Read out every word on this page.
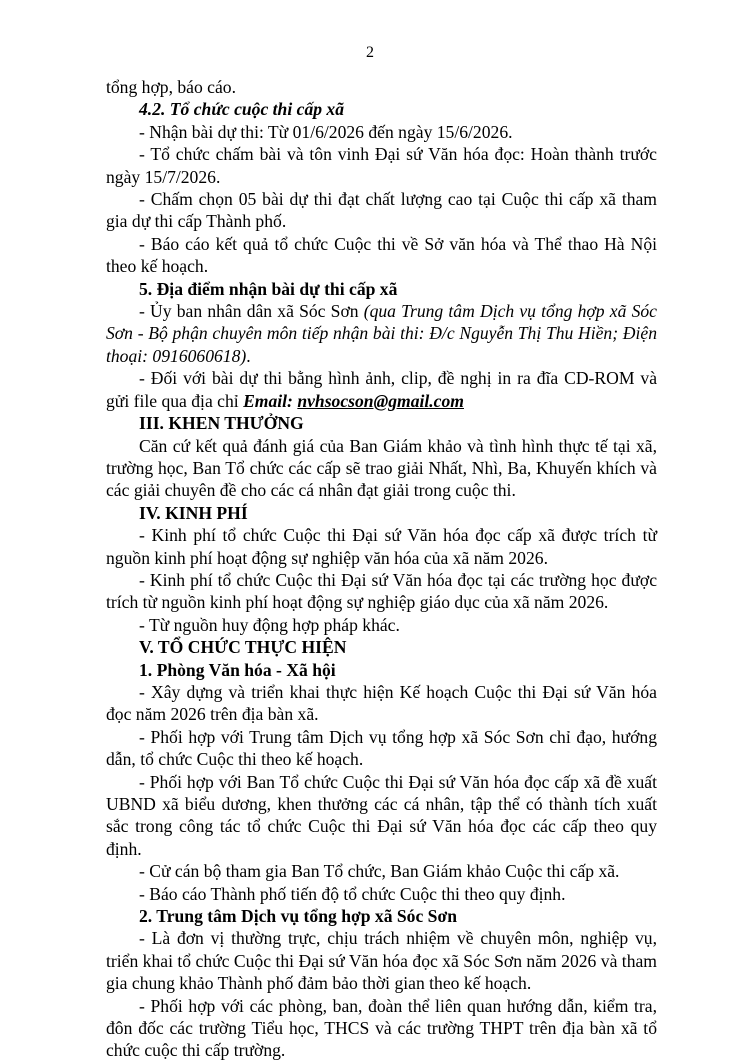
2

tổng hợp, báo cáo.

4.2. Tổ chức cuộc thi cấp xã

- Nhận bài dự thi: Từ 01/6/2026 đến ngày 15/6/2026.

- Tổ chức chấm bài và tôn vinh Đại sứ Văn hóa đọc: Hoàn thành trước ngày 15/7/2026.

- Chấm chọn 05 bài dự thi đạt chất lượng cao tại Cuộc thi cấp xã tham gia dự thi cấp Thành phố.

- Báo cáo kết quả tổ chức Cuộc thi về Sở văn hóa và Thể thao Hà Nội theo kế hoạch.

5. Địa điểm nhận bài dự thi cấp xã

- Ủy ban nhân dân xã Sóc Sơn (qua Trung tâm Dịch vụ tổng hợp xã Sóc Sơn - Bộ phận chuyên môn tiếp nhận bài thi: Đ/c Nguyễn Thị Thu Hiền; Điện thoại: 0916060618).

- Đối với bài dự thi bằng hình ảnh, clip, đề nghị in ra đĩa CD-ROM và gửi file qua địa chỉ Email: nvhsocson@gmail.com

III. KHEN THƯỞNG

Căn cứ kết quả đánh giá của Ban Giám khảo và tình hình thực tế tại xã, trường học, Ban Tổ chức các cấp sẽ trao giải Nhất, Nhì, Ba, Khuyến khích và các giải chuyên đề cho các cá nhân đạt giải trong cuộc thi.

IV. KINH PHÍ

- Kinh phí tổ chức Cuộc thi Đại sứ Văn hóa đọc cấp xã được trích từ nguồn kinh phí hoạt động sự nghiệp văn hóa của xã năm 2026.

- Kinh phí tổ chức Cuộc thi Đại sứ Văn hóa đọc tại các trường học được trích từ nguồn kinh phí hoạt động sự nghiệp giáo dục của xã năm 2026.

- Từ nguồn huy động hợp pháp khác.

V. TỔ CHỨC THỰC HIỆN

1. Phòng Văn hóa - Xã hội

- Xây dựng và triển khai thực hiện Kế hoạch Cuộc thi Đại sứ Văn hóa đọc năm 2026 trên địa bàn xã.

- Phối hợp với Trung tâm Dịch vụ tổng hợp xã Sóc Sơn chỉ đạo, hướng dẫn, tổ chức Cuộc thi theo kế hoạch.

- Phối hợp với Ban Tổ chức Cuộc thi Đại sứ Văn hóa đọc cấp xã đề xuất UBND xã biểu dương, khen thưởng các cá nhân, tập thể có thành tích xuất sắc trong công tác tổ chức Cuộc thi Đại sứ Văn hóa đọc các cấp theo quy định.

- Cử cán bộ tham gia Ban Tổ chức, Ban Giám khảo Cuộc thi cấp xã.

- Báo cáo Thành phố tiến độ tổ chức Cuộc thi theo quy định.

2. Trung tâm Dịch vụ tổng hợp xã Sóc Sơn

- Là đơn vị thường trực, chịu trách nhiệm về chuyên môn, nghiệp vụ, triển khai tổ chức Cuộc thi Đại sứ Văn hóa đọc xã Sóc Sơn năm 2026 và tham gia chung khảo Thành phố đảm bảo thời gian theo kế hoạch.

- Phối hợp với các phòng, ban, đoàn thể liên quan hướng dẫn, kiểm tra, đôn đốc các trường Tiểu học, THCS và các trường THPT trên địa bàn xã tổ chức cuộc thi cấp trường.
